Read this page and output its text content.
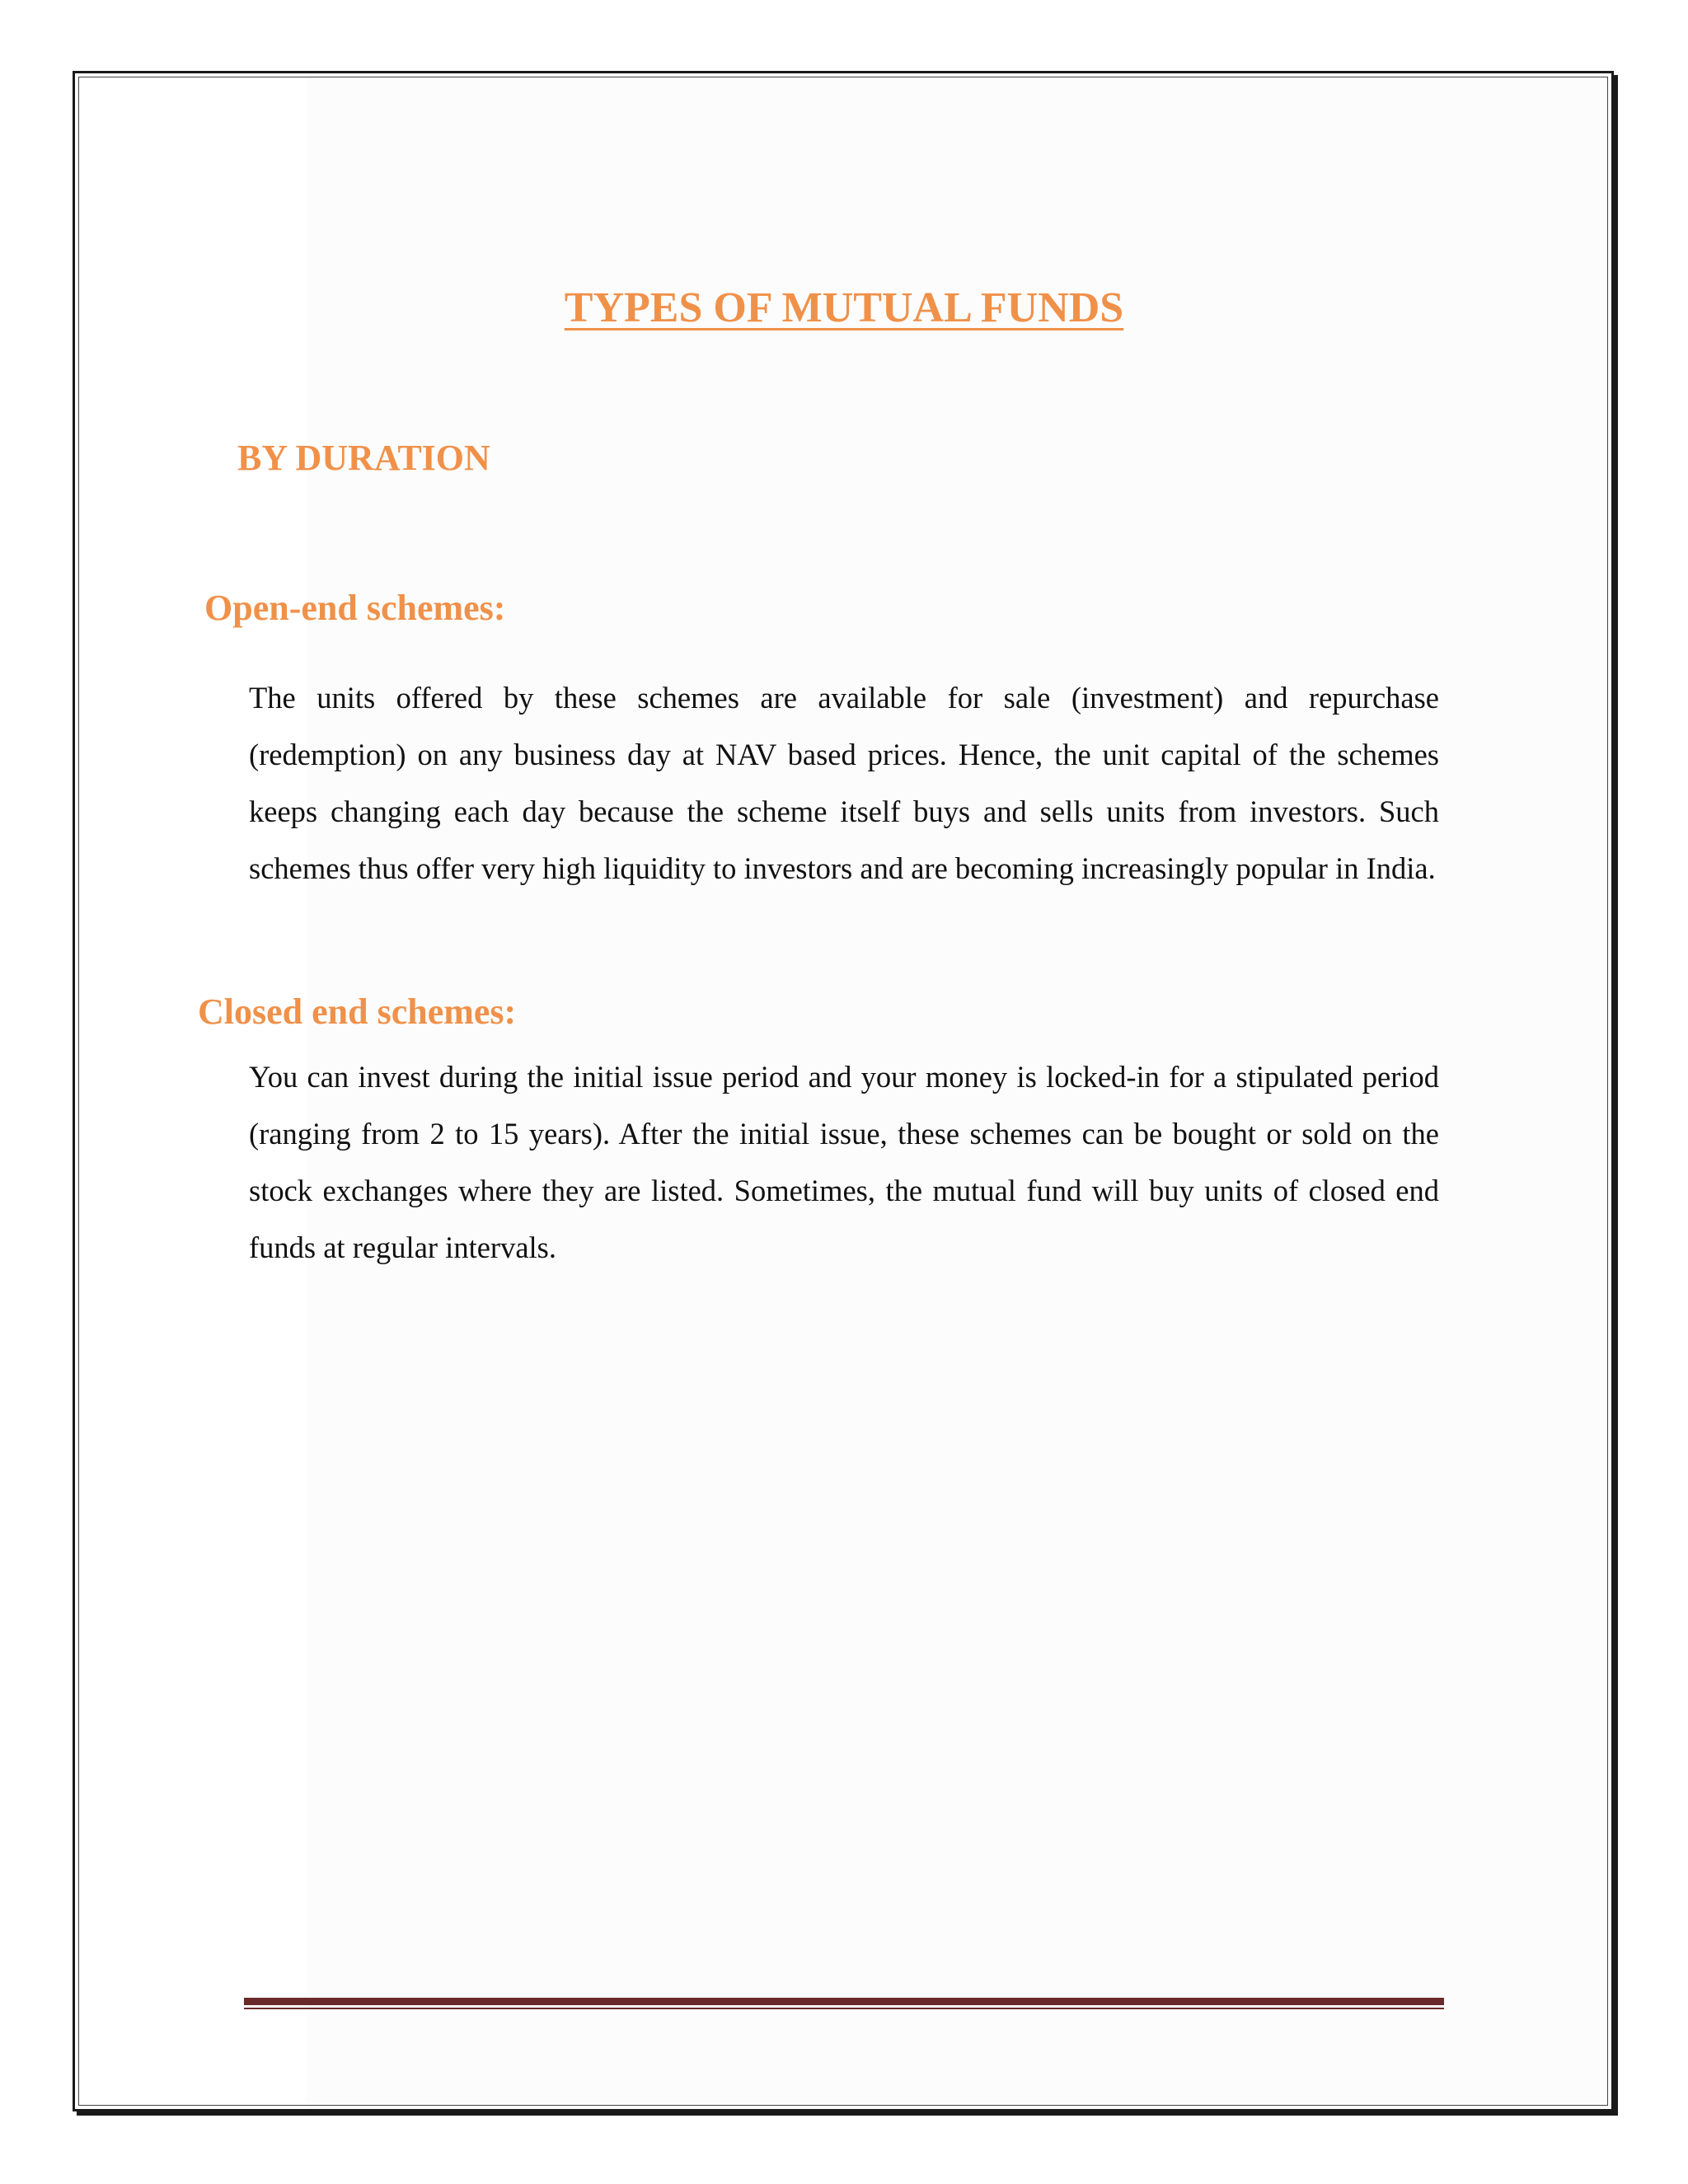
TYPES OF MUTUAL FUNDS
BY DURATION
Open-end schemes:

The units offered by these schemes are available for sale (investment) and repurchase (redemption) on any business day at NAV based prices. Hence, the unit capital of the schemes keeps changing each day because the scheme itself buys and sells units from investors. Such schemes thus offer very high liquidity to investors and are becoming increasingly popular in India.

Closed end schemes:

You can invest during the initial issue period and your money is locked-in for a stipulated period (ranging from 2 to 15 years). After the initial issue, these schemes can be bought or sold on the stock exchanges where they are listed. Sometimes, the mutual fund will buy units of closed end funds at regular intervals.
